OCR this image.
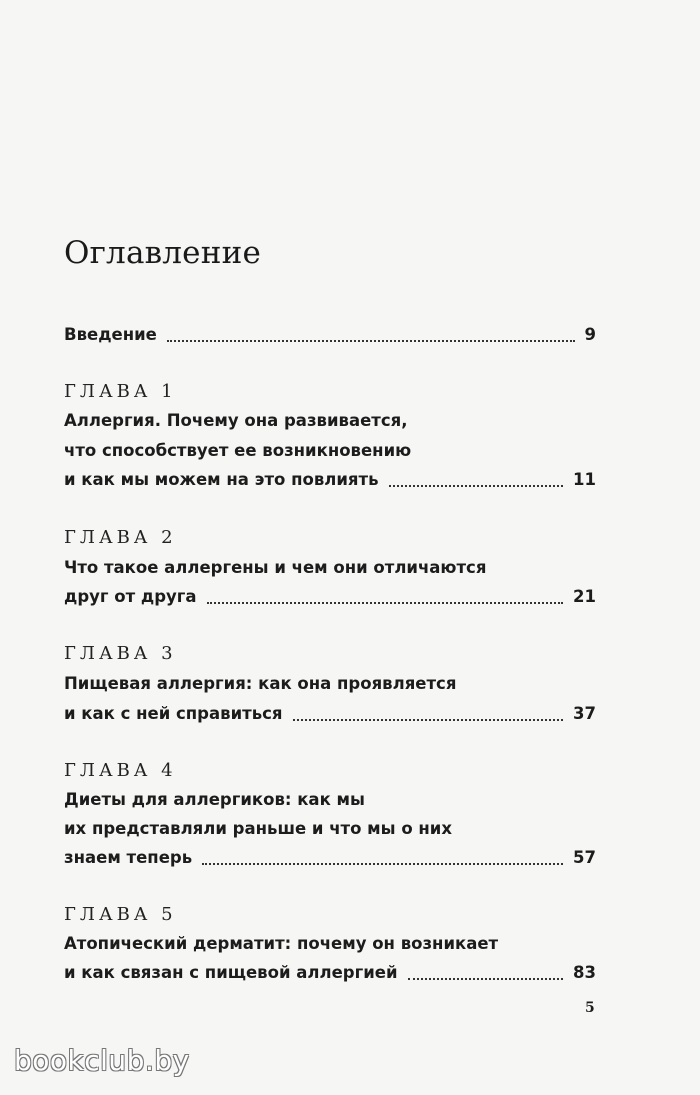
Оглавление
Введение	9
ГЛАВА 1
Аллергия. Почему она развивается,
что способствует ее возникновению
и как мы можем на это повлиять	11
ГЛАВА 2
Что такое аллергены и чем они отличаются
друг от друга	21
ГЛАВА 3
Пищевая аллергия: как она проявляется
и как с ней справиться	37
ГЛАВА 4
Диеты для аллергиков: как мы
их представляли раньше и что мы о них
знаем теперь	57
ГЛАВА 5
Атопический дерматит: почему он возникает
и как связан с пищевой аллергией	83
5
bookclub.by
